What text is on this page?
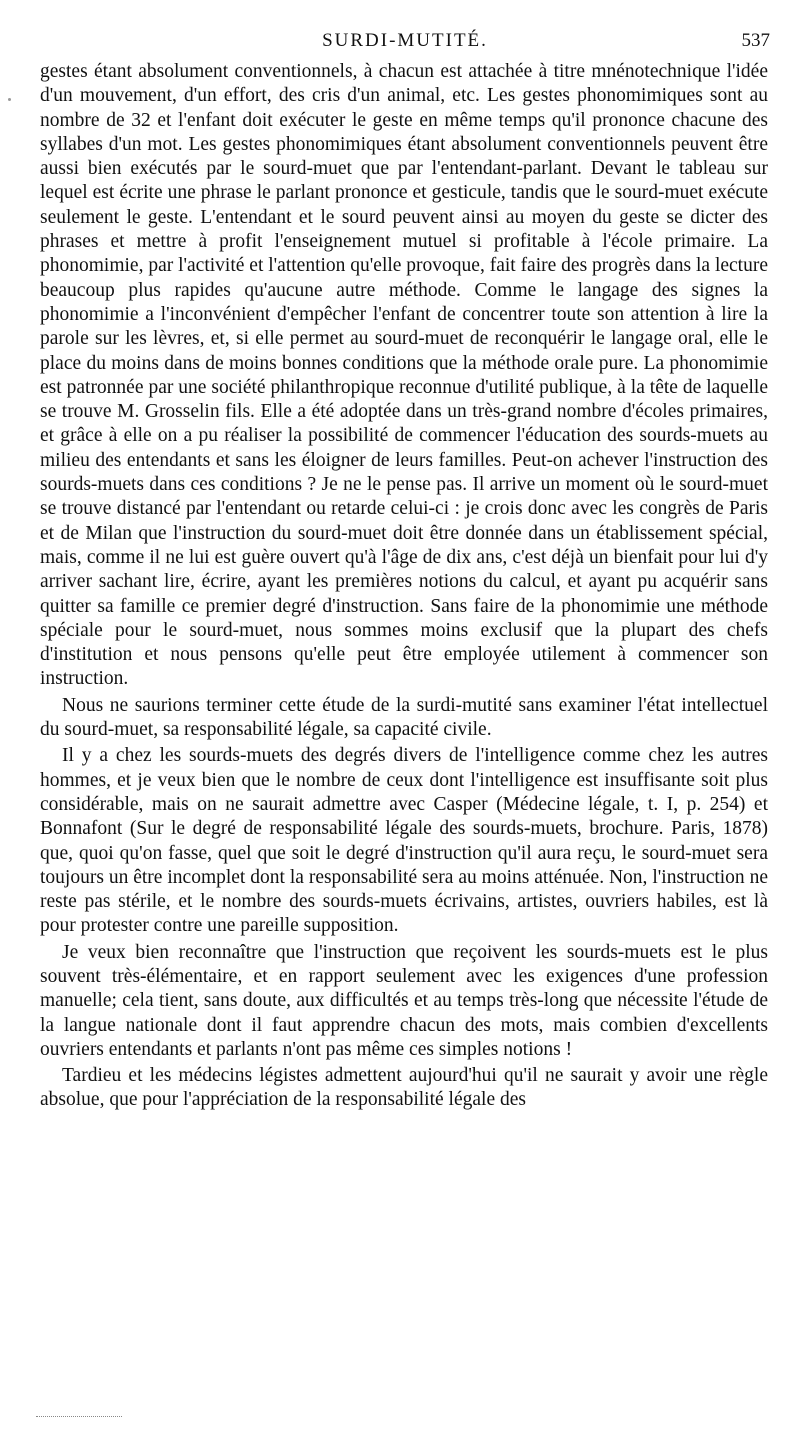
SURDI-MUTITÉ.	537

gestes étant absolument conventionnels, à chacun est attachée à titre mnénotechnique l'idée d'un mouvement, d'un effort, des cris d'un animal, etc. Les gestes phonomimiques sont au nombre de 32 et l'enfant doit exécuter le geste en même temps qu'il prononce chacune des syllabes d'un mot. Les gestes phonomimiques étant absolument conventionnels peuvent être aussi bien exécutés par le sourd-muet que par l'entendant-parlant. Devant le tableau sur lequel est écrite une phrase le parlant prononce et gesticule, tandis que le sourd-muet exécute seulement le geste. L'entendant et le sourd peuvent ainsi au moyen du geste se dicter des phrases et mettre à profit l'enseignement mutuel si profitable à l'école primaire. La phonomimie, par l'activité et l'attention qu'elle provoque, fait faire des progrès dans la lecture beaucoup plus rapides qu'aucune autre méthode. Comme le langage des signes la phonomimie a l'inconvénient d'empêcher l'enfant de concentrer toute son attention à lire la parole sur les lèvres, et, si elle permet au sourd-muet de reconquérir le langage oral, elle le place du moins dans de moins bonnes conditions que la méthode orale pure. La phonomimie est patronnée par une société philanthropique reconnue d'utilité publique, à la tête de laquelle se trouve M. Grosselin fils. Elle a été adoptée dans un très-grand nombre d'écoles primaires, et grâce à elle on a pu réaliser la possibilité de commencer l'éducation des sourds-muets au milieu des entendants et sans les éloigner de leurs familles. Peut-on achever l'instruction des sourds-muets dans ces conditions ? Je ne le pense pas. Il arrive un moment où le sourd-muet se trouve distancé par l'entendant ou retarde celui-ci : je crois donc avec les congrès de Paris et de Milan que l'instruction du sourd-muet doit être donnée dans un établissement spécial, mais, comme il ne lui est guère ouvert qu'à l'âge de dix ans, c'est déjà un bienfait pour lui d'y arriver sachant lire, écrire, ayant les premières notions du calcul, et ayant pu acquérir sans quitter sa famille ce premier degré d'instruction. Sans faire de la phonomimie une méthode spéciale pour le sourd-muet, nous sommes moins exclusif que la plupart des chefs d'institution et nous pensons qu'elle peut être employée utilement à commencer son instruction.

Nous ne saurions terminer cette étude de la surdi-mutité sans examiner l'état intellectuel du sourd-muet, sa responsabilité légale, sa capacité civile.

Il y a chez les sourds-muets des degrés divers de l'intelligence comme chez les autres hommes, et je veux bien que le nombre de ceux dont l'intelligence est insuffisante soit plus considérable, mais on ne saurait admettre avec Casper (Médecine légale, t. I, p. 254) et Bonnafont (Sur le degré de responsabilité légale des sourds-muets, brochure. Paris, 1878) que, quoi qu'on fasse, quel que soit le degré d'instruction qu'il aura reçu, le sourd-muet sera toujours un être incomplet dont la responsabilité sera au moins atténuée. Non, l'instruction ne reste pas stérile, et le nombre des sourds-muets écrivains, artistes, ouvriers habiles, est là pour protester contre une pareille supposition.

Je veux bien reconnaître que l'instruction que reçoivent les sourds-muets est le plus souvent très-élémentaire, et en rapport seulement avec les exigences d'une profession manuelle; cela tient, sans doute, aux difficultés et au temps très-long que nécessite l'étude de la langue nationale dont il faut apprendre chacun des mots, mais combien d'excellents ouvriers entendants et parlants n'ont pas même ces simples notions !

Tardieu et les médecins légistes admettent aujourd'hui qu'il ne saurait y avoir une règle absolue, que pour l'appréciation de la responsabilité légale des
